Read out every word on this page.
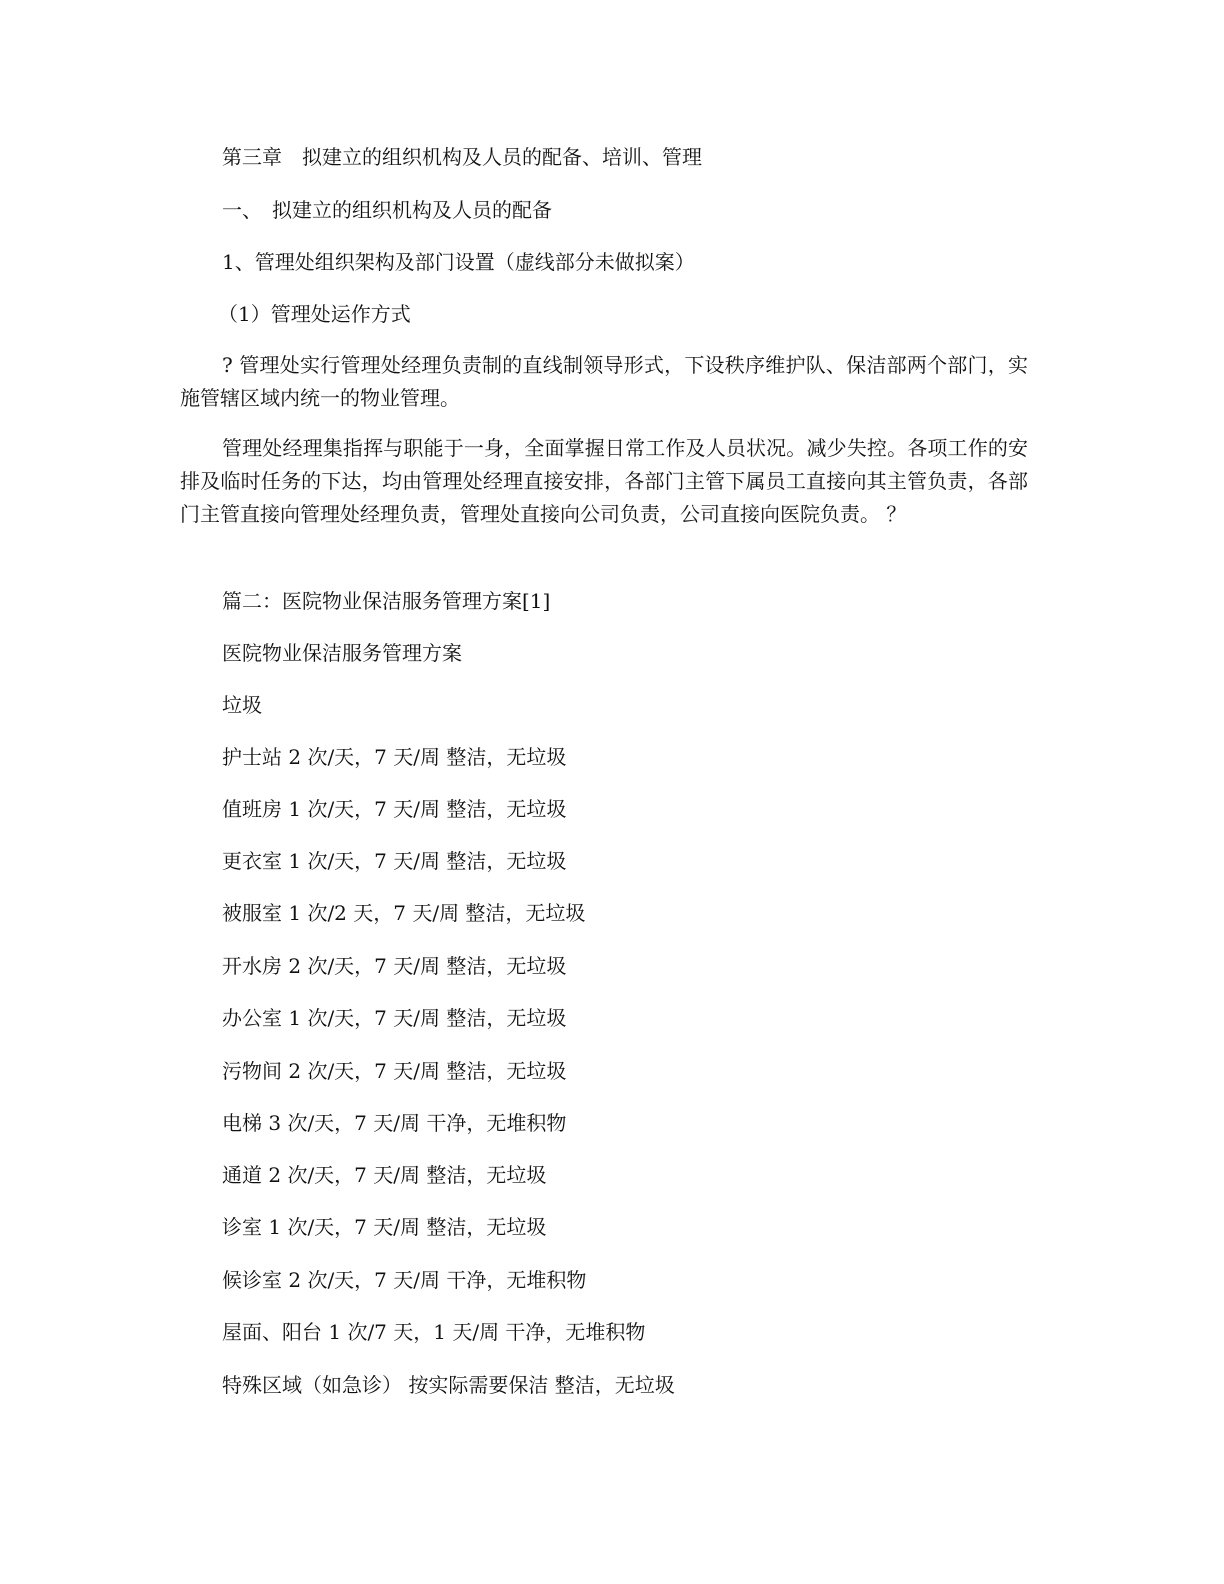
第三章　拟建立的组织机构及人员的配备、培训、管理
一、　拟建立的组织机构及人员的配备
1、管理处组织架构及部门设置（虚线部分未做拟案）
（1）管理处运作方式
? 管理处实行管理处经理负责制的直线制领导形式，下设秩序维护队、保洁部两个部门，实施管辖区域内统一的物业管理。
管理处经理集指挥与职能于一身，全面掌握日常工作及人员状况。减少失控。各项工作的安排及临时任务的下达，均由管理处经理直接安排，各部门主管下属员工直接向其主管负责，各部门主管直接向管理处经理负责，管理处直接向公司负责，公司直接向医院负责。 ？
篇二：医院物业保洁服务管理方案[1]
医院物业保洁服务管理方案
垃圾
护士站 2 次/天，7 天/周 整洁，无垃圾
值班房 1 次/天，7 天/周 整洁，无垃圾
更衣室 1 次/天，7 天/周 整洁，无垃圾
被服室 1 次/2 天，7 天/周 整洁，无垃圾
开水房 2 次/天，7 天/周 整洁，无垃圾
办公室 1 次/天，7 天/周 整洁，无垃圾
污物间 2 次/天，7 天/周 整洁，无垃圾
电梯 3 次/天，7 天/周 干净，无堆积物
通道 2 次/天，7 天/周 整洁，无垃圾
诊室 1 次/天，7 天/周 整洁，无垃圾
候诊室 2 次/天，7 天/周 干净，无堆积物
屋面、阳台 1 次/7 天，1 天/周 干净，无堆积物
特殊区域（如急诊） 按实际需要保洁 整洁，无垃圾
